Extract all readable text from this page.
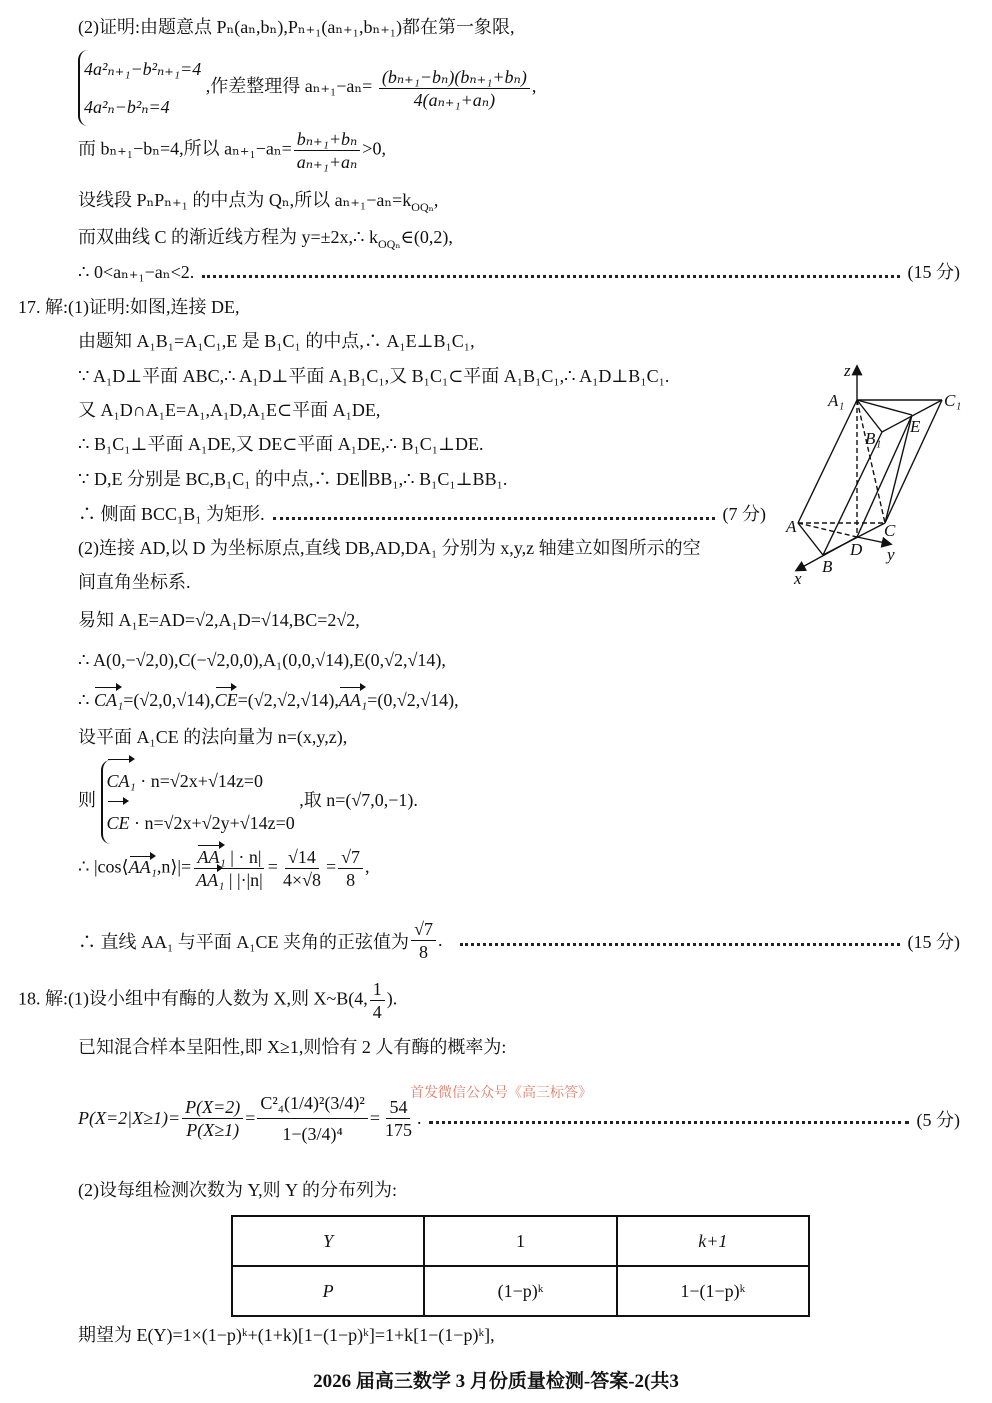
(2)证明:由题意点 Pₙ(aₙ,bₙ),Pₙ₊₁(aₙ₊₁,bₙ₊₁)都在第一象限,
4a²ₙ₊₁−b²ₙ₊₁=4
4a²ₙ−b²ₙ=4
,作差整理得 $a_{n+1}-a_n= \frac{\text{(bₙ₊₁−bₙ)(bₙ₊₁+bₙ)}}{\text{4(aₙ₊₁+aₙ)}}$ ,
而 bₙ₊₁−bₙ=4,所以 $a_{n+1}-a_n= \frac{\text{bₙ₊₁+bₙ}}{\text{aₙ₊₁+aₙ}} >0$,
设线段 PₙPₙ₊₁ 的中点为 Qₙ,所以 $a_{n+1}-a_n=k_{OQ_n}$,
而双曲线 C 的渐近线方程为 y=±2x,∴ $k_{OQ_n}\in(0,2)$,
∴ 0<aₙ₊₁−aₙ<2.	(15 分)
17. 解:(1)证明:如图,连接 DE,
由题知 A₁B₁=A₁C₁,E 是 B₁C₁ 的中点,∴ A₁E⊥B₁C₁,
∵ A₁D⊥平面 ABC,∴ A₁D⊥平面 A₁B₁C₁,又 B₁C₁⊂平面 A₁B₁C₁,∴ A₁D⊥B₁C₁.
又 A₁D∩A₁E=A₁,A₁D,A₁E⊂平面 A₁DE,
∴ B₁C₁⊥平面 A₁DE,又 DE⊂平面 A₁DE,∴ B₁C₁⊥DE.
∵ D,E 分别是 BC,B₁C₁ 的中点,∴ DE∥BB₁,∴ B₁C₁⊥BB₁.
∴ 侧面 BCC₁B₁ 为矩形.	(7 分)
(2)连接 AD,以 D 为坐标原点,直线 DB,AD,DA₁ 分别为 x,y,z 轴建立如图所示的空
间直角坐标系.
易知 A₁E=AD=√2,A₁D=√14,BC=2√2,
∴ A(0,−√2,0),C(−√2,0,0),A₁(0,0,√14),E(0,√2,√14),
∴ CA₁=(√2,0,√14),CE=(√2,√2,√14),AA₁=(0,√2,√14),
设平面 A₁CE 的法向量为 n=(x,y,z),
则
CA₁ · n=√2x+√14z=0
CE · n=√2x+√2y+√14z=0
,取 n=(√7,0,−1).
∴ |cos⟨AA₁,n⟩|= $\frac{\text{AA₁ | · n|}}{\text{AA₁ | |·|n|}} = \frac{√14}{4\times√8} = \frac{√7}{8}$ ,
∴ 直线 AA₁ 与平面 A₁CE 夹角的正弦值为 $\frac{√7}{8}$ .	(15 分)
z
A₁	C₁
B₁
E
A	C
D
B
x
y
18. 解:(1)设小组中有酶的人数为 X,则 X~B(4, $\frac{1}{4}$ ).
已知混合样本呈阳性,即 X≥1,则恰有 2 人有酶的概率为:
首发微信公众号《高三标答》
$P(X=2|X\ge 1)= \frac{P(X=2)}{P(X\ge 1)} = \frac{\text{C²₄(1/4)²(3/4)²}}{\text{1−(3/4)⁴}} = \frac{54}{175}$ .	(5 分)
(2)设每组检测次数为 Y,则 Y 的分布列为:
Y	1	k+1
P	(1−p)ᵏ	1−(1−p)ᵏ
期望为 E(Y)=1×(1−p)ᵏ+(1+k)[1−(1−p)ᵏ]=1+k[1−(1−p)ᵏ],
2026 届高三数学 3 月份质量检测-答案-2(共3
